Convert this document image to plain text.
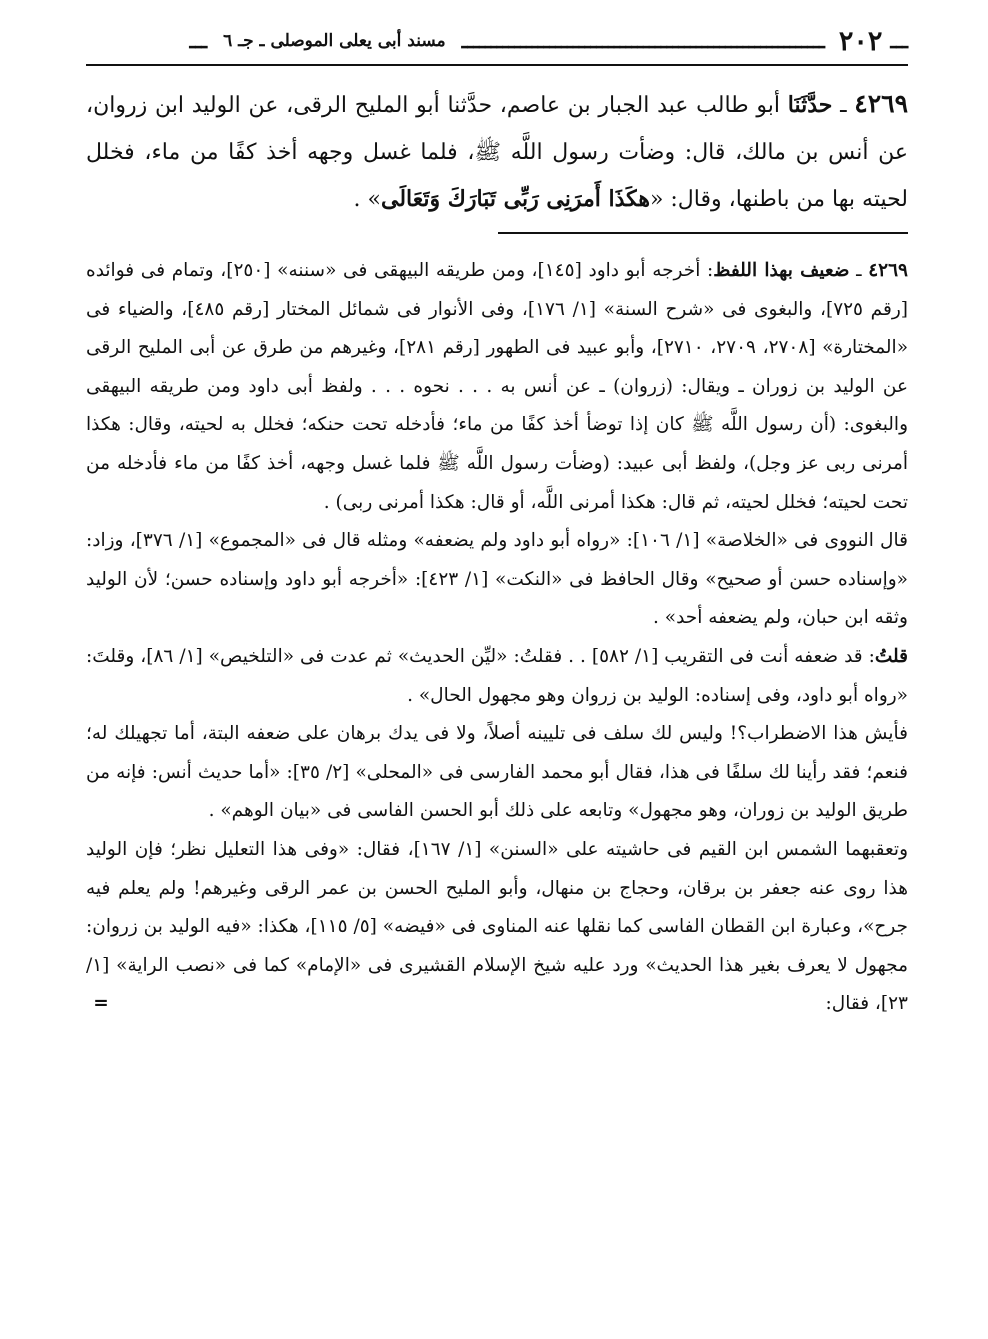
ـــ
٢٠٢
ــــــــــــــــــــــــــــــــــــــــــــــــــــــــــــــ
مسند أبى يعلى الموصلى ـ جـ ٦
ـــ
٤٢٦٩ ـ حدَّثَنَا أبو طالب عبد الجبار بن عاصم، حدَّثنا أبو المليح الرقى، عن الوليد ابن زروان، عن أنس بن مالك، قال: وضأت رسول اللَّه ﷺ، فلما غسل وجهه أخذ كفًا من ماء، فخلل لحيته بها من باطنها، وقال: «هكَذَا أَمرَنِى رَبِّى تَبَارَكَ وَتَعَالَى» .

٤٢٦٩ ـ ضعيف بهذا اللفظ: أخرجه أبو داود [١٤٥]، ومن طريقه البيهقى فى «سننه» [٢٥٠]، وتمام فى فوائده [رقم ٧٢٥]، والبغوى فى «شرح السنة» [١/ ١٧٦]، وفى الأنوار فى شمائل المختار [رقم ٤٨٥]، والضياء فى «المختارة» [٢٧٠٨، ٢٧٠٩، ٢٧١٠]، وأبو عبيد فى الطهور [رقم ٢٨١]، وغيرهم من طرق عن أبى المليح الرقى عن الوليد بن زوران ـ ويقال: (زروان) ـ عن أنس به . . . نحوه . . . ولفظ أبى داود ومن طريقه البيهقى والبغوى: (أن رسول اللَّه ﷺ كان إذا توضأ أخذ كفًا من ماء؛ فأدخله تحت حنكه؛ فخلل به لحيته، وقال: هكذا أمرنى ربى عز وجل)، ولفظ أبى عبيد: (وضأت رسول اللَّه ﷺ فلما غسل وجهه، أخذ كفًا من ماء فأدخله من تحت لحيته؛ فخلل لحيته، ثم قال: هكذا أمرنى اللَّه، أو قال: هكذا أمرنى ربى) .

قال النووى فى «الخلاصة» [١/ ١٠٦]: «رواه أبو داود ولم يضعفه» ومثله قال فى «المجموع» [١/ ٣٧٦]، وزاد: «وإسناده حسن أو صحيح» وقال الحافظ فى «النكت» [١/ ٤٢٣]: «أخرجه أبو داود وإسناده حسن؛ لأن الوليد وثقه ابن حبان، ولم يضعفه أحد» .

قلتُ: قد ضعفه أنت فى التقريب [١/ ٥٨٢] . . فقلتُ: «ليِّن الحديث» ثم عدت فى «التلخيص» [١/ ٨٦]، وقلتَ: «رواه أبو داود، وفى إسناده: الوليد بن زروان وهو مجهول الحال» .

فأيش هذا الاضطراب؟! وليس لك سلف فى تليينه أصلاً، ولا فى يدك برهان على ضعفه البتة، أما تجهيلك له؛ فنعم؛ فقد رأينا لك سلفًا فى هذا، فقال أبو محمد الفارسى فى «المحلى» [٢/ ٣٥]: «أما حديث أنس: فإنه من طريق الوليد بن زوران، وهو مجهول» وتابعه على ذلك أبو الحسن الفاسى فى «بيان الوهم» .

وتعقبهما الشمس ابن القيم فى حاشيته على «السنن» [١/ ١٦٧]، فقال: «وفى هذا التعليل نظر؛ فإن الوليد هذا روى عنه جعفر بن برقان، وحجاج بن منهال، وأبو المليح الحسن بن عمر الرقى وغيرهم! ولم يعلم فيه جرح»، وعبارة ابن القطان الفاسى كما نقلها عنه المناوى فى «فيضه» [٥/ ١١٥]، هكذا: «فيه الوليد بن زروان: مجهول لا يعرف بغير هذا الحديث» ورد عليه شيخ الإسلام القشيرى فى «الإمام» كما فى «نصب الراية» [١/ ٢٣]، فقال:
=
